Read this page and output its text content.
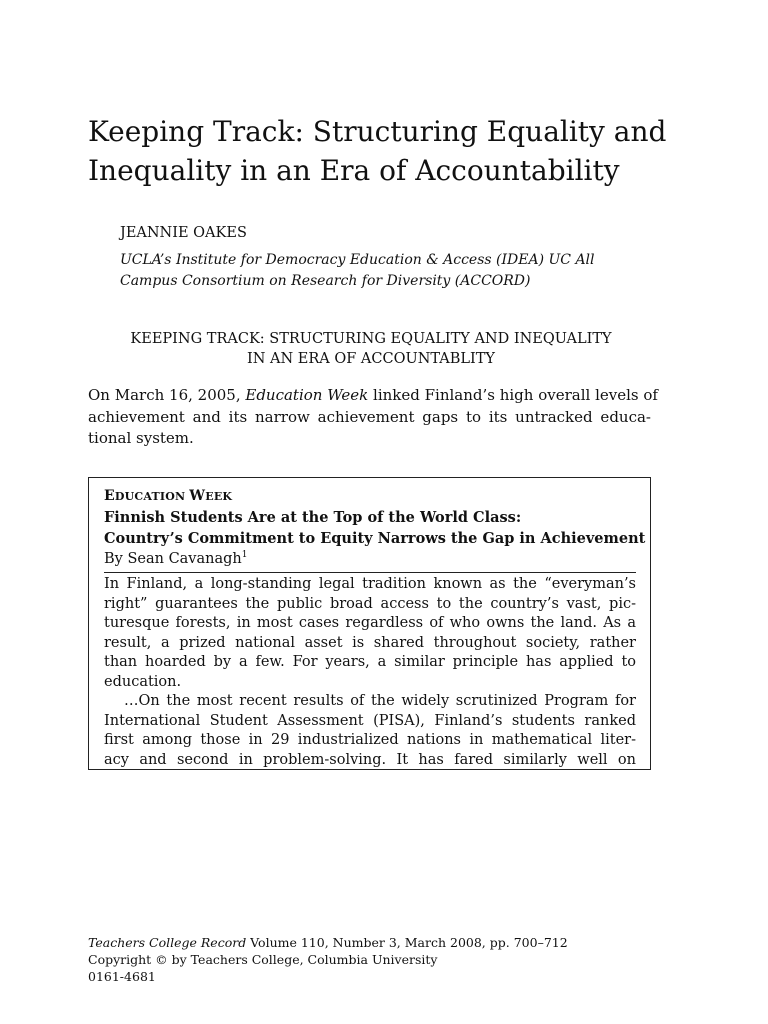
Keeping Track: Structuring Equality and
Inequality in an Era of Accountability
JEANNIE OAKES
UCLA’s Institute for Democracy Education & Access (IDEA) UC All
Campus Consortium on Research for Diversity (ACCORD)
KEEPING TRACK: STRUCTURING EQUALITY AND INEQUALITY
IN AN ERA OF ACCOUNTABLITY
On March 16, 2005, Education Week linked Finland’s high overall levels of
achievement and its narrow achievement gaps to its untracked educa-
tional system.
EDUCATION WEEK
Finnish Students Are at the Top of the World Class:
Country’s Commitment to Equity Narrows the Gap in Achievement
By Sean Cavanagh$^1$
In Finland, a long-standing legal tradition known as the “everyman’s
right” guarantees the public broad access to the country’s vast, pic-
turesque forests, in most cases regardless of who owns the land. As a
result, a prized national asset is shared throughout society, rather
than hoarded by a few. For years, a similar principle has applied to
education.
…On the most recent results of the widely scrutinized Program for
International Student Assessment (PISA), Finland’s students ranked
first among those in 29 industrialized nations in mathematical liter-
acy and second in problem-solving. It has fared similarly well on
Teachers College Record Volume 110, Number 3, March 2008, pp. 700–712
Copyright © by Teachers College, Columbia University
0161-4681
